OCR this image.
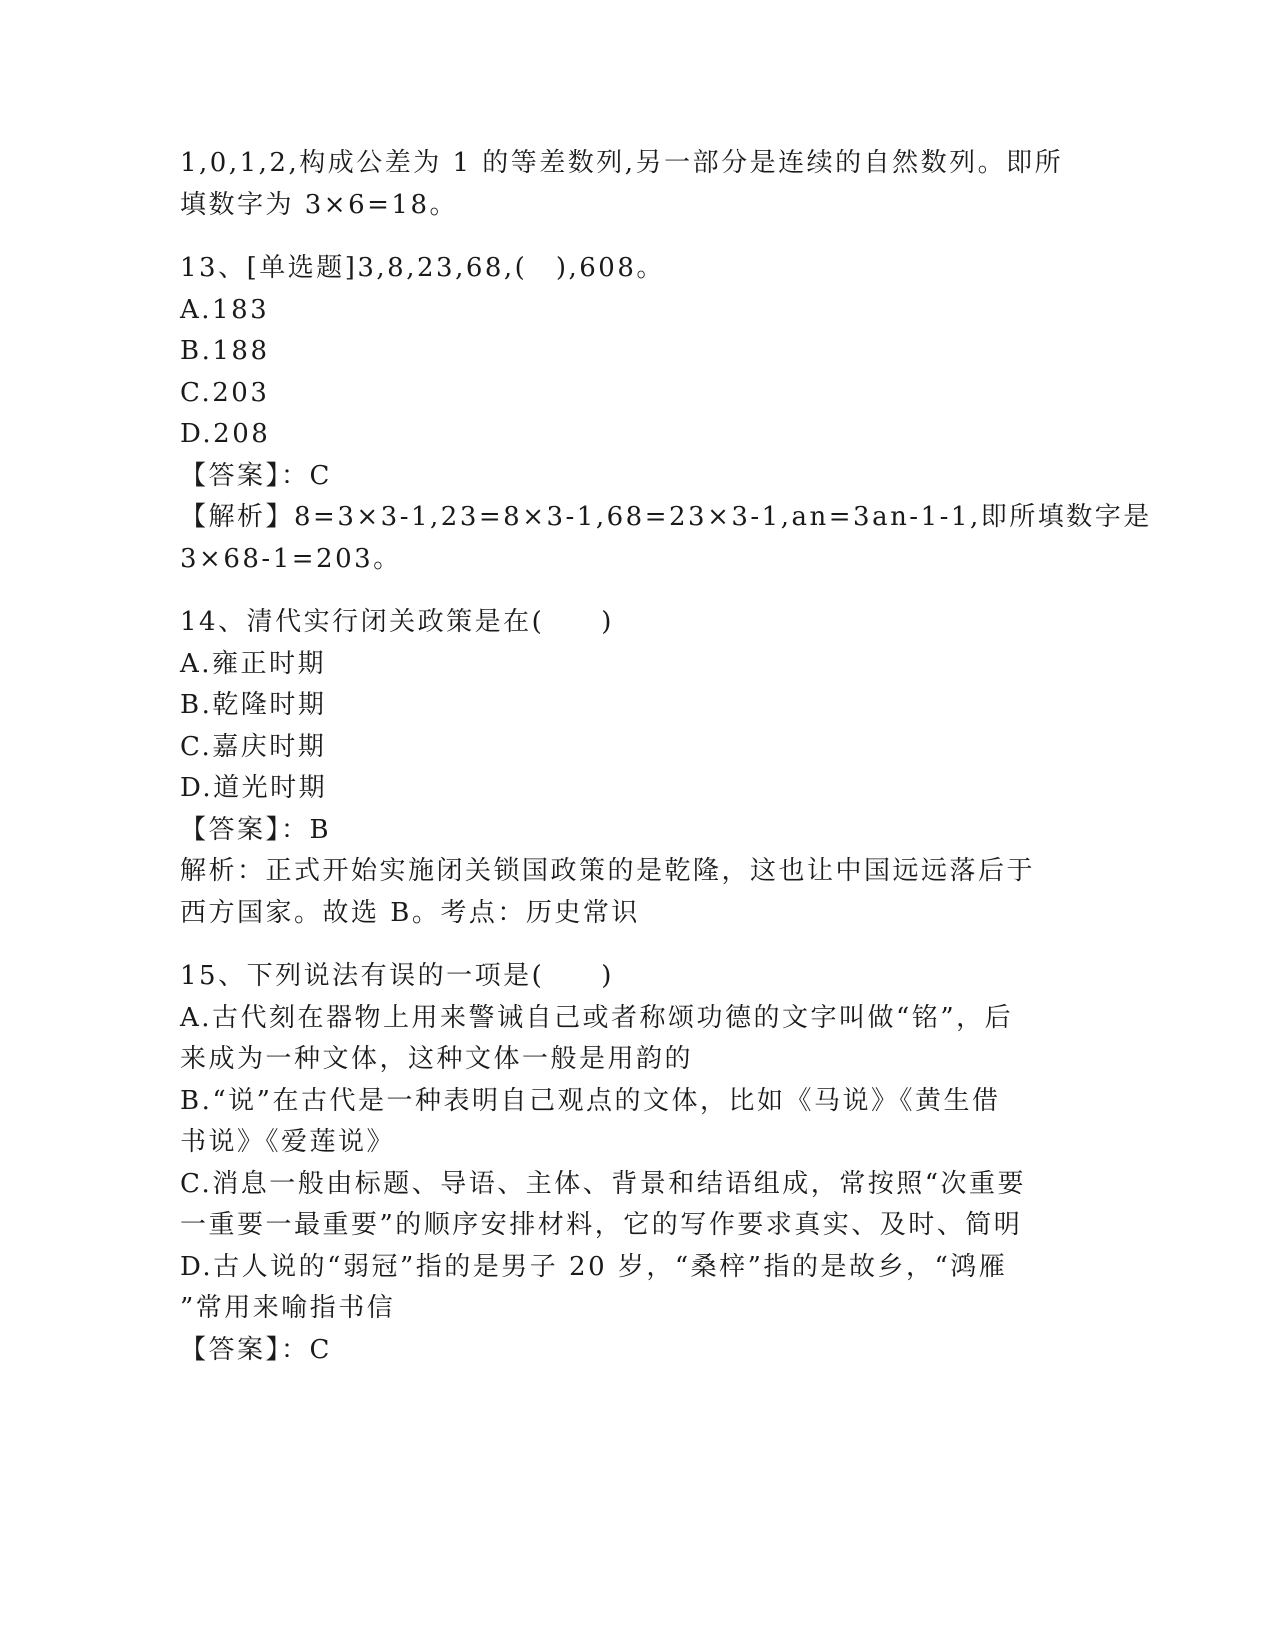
1,0,1,2,构成公差为 1 的等差数列,另一部分是连续的自然数列。即所
填数字为 3×6=18。
13、[单选题]3,8,23,68,(　),608。
A.183
B.188
C.203
D.208
【答案】：C
【解析】8=3×3-1,23=8×3-1,68=23×3-1,an=3an-1-1,即所填数字是
3×68-1=203。
14、清代实行闭关政策是在(　　)
A.雍正时期
B.乾隆时期
C.嘉庆时期
D.道光时期
【答案】：B
解析：正式开始实施闭关锁国政策的是乾隆，这也让中国远远落后于
西方国家。故选 B。考点：历史常识
15、下列说法有误的一项是(　　)
A.古代刻在器物上用来警诫自己或者称颂功德的文字叫做“铭”，后
来成为一种文体，这种文体一般是用韵的
B.“说”在古代是一种表明自己观点的文体，比如《马说》《黄生借
书说》《爱莲说》
C.消息一般由标题、导语、主体、背景和结语组成，常按照“次重要
一重要一最重要”的顺序安排材料，它的写作要求真实、及时、简明
D.古人说的“弱冠”指的是男子 20 岁，“桑梓”指的是故乡，“鸿雁
”常用来喻指书信
【答案】：C
